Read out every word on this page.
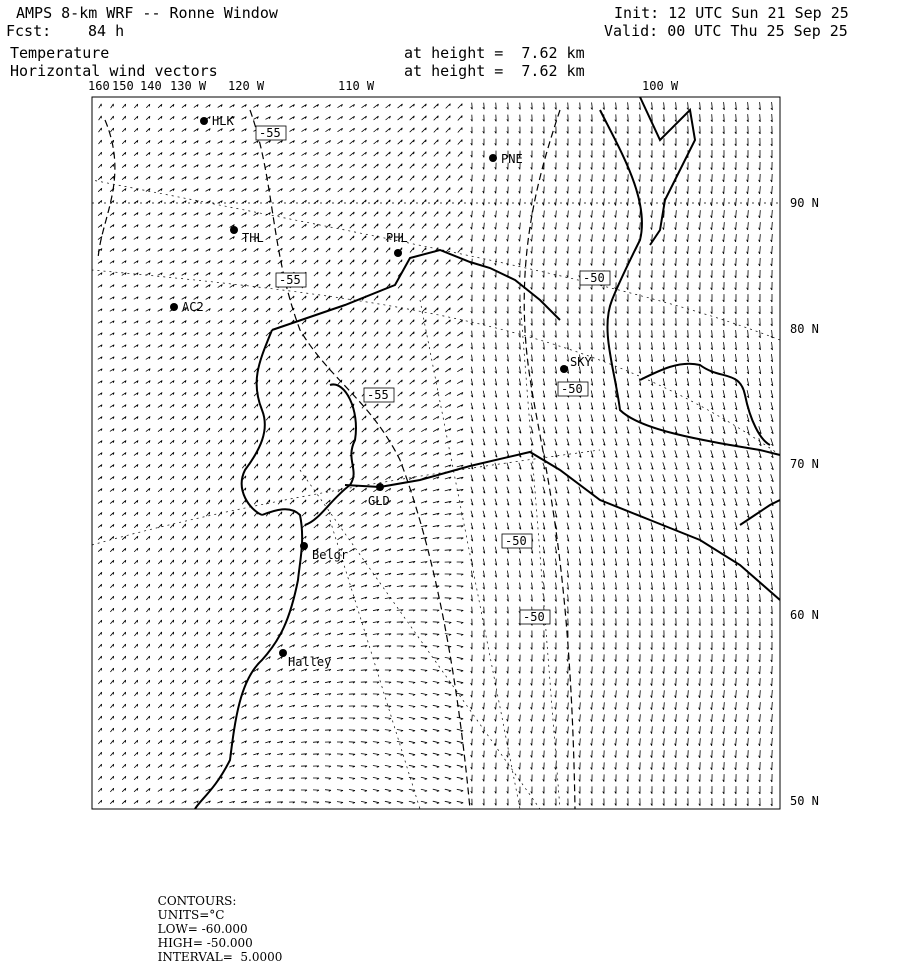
AMPS 8-km WRF -- Ronne Window
Fcst: 84 h
Temperature
Horizontal wind vectors
Init: 12 UTC Sun 21 Sep 25
Valid: 00 UTC Thu 25 Sep 25
at height =  7.62 km
at height =  7.62 km
HLK
PNE
THL	PHL
AC2
SKY
GLD
Belgr
Halley
-55
-55
-55
-50
-50
-50
-50
160 150 140 130 W 120 W	110 W	100 W
90 N
80 N
70 N
60 N
50 N

CONTOURS:
UNITS=°C
LOW= -60.000
HIGH= -50.000
INTERVAL=  5.0000
